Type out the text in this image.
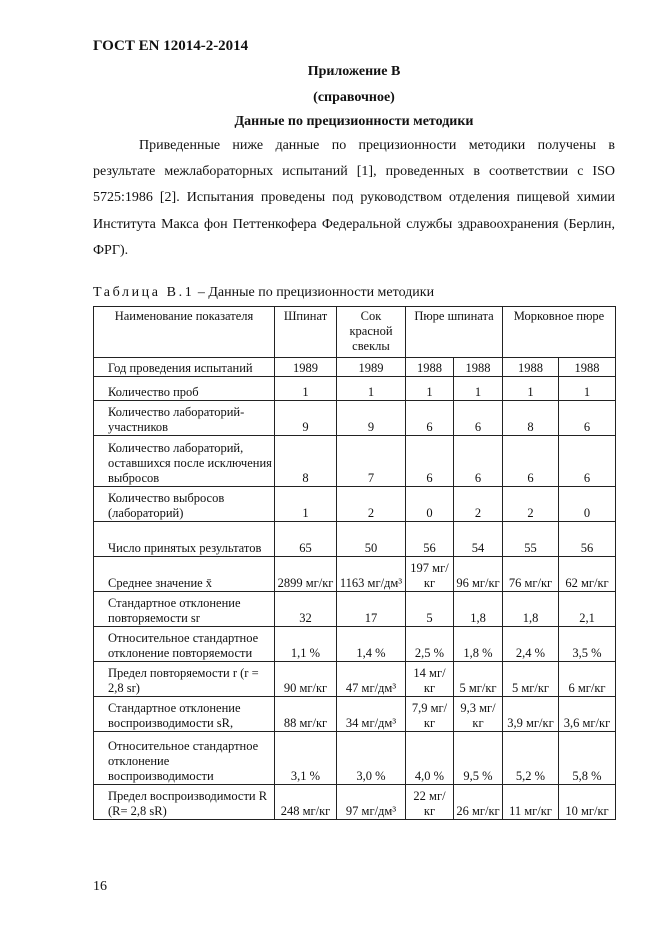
ГОСТ EN 12014-2-2014
Приложение В
(справочное)
Данные по прецизионности методики

Приведенные ниже данные по прецизионности методики получены в результате межлабораторных испытаний [1], проведенных в соответствии с ISO 5725:1986 [2]. Испытания проведены под руководством отделения пищевой химии Института Макса фон Петтенкофера Федеральной службы здравоохранения (Берлин, ФРГ).

Таблица В.1 – Данные по прецизионности методики
Наименование показателя	Шпинат	Сок красной свеклы	Пюре шпината		Морковное пюре	
Год проведения испытаний	1989	1989	1988	1988	1988	1988
Количество проб	1	1	1	1	1	1
Количество лабораторий-участников	9	9	6	6	8	6
Количество лабораторий, оставшихся после исключения выбросов	8	7	6	6	6	6
Количество выбросов (лабораторий)	1	2	0	2	2	0
Число принятых результатов	65	50	56	54	55	56
Среднее значение x̄	2899 мг/кг	1163 мг/дм³	197 мг/кг	96 мг/кг	76 мг/кг	62 мг/кг
Стандартное отклонение повторяемости sr	32	17	5	1,8	1,8	2,1
Относительное стандартное отклонение повторяемости	1,1 %	1,4 %	2,5 %	1,8 %	2,4 %	3,5 %
Предел повторяемости r (r = 2,8 sr)	90 мг/кг	47 мг/дм³	14 мг/кг	5 мг/кг	5 мг/кг	6 мг/кг
Стандартное отклонение воспроизводимости sR,	88 мг/кг	34 мг/дм³	7,9 мг/кг	9,3 мг/кг	3,9 мг/кг	3,6 мг/кг
Относительное стандартное отклонение воспроизводимости	3,1 %	3,0 %	4,0 %	9,5 %	5,2 %	5,8 %
Предел воспроизводимости R (R= 2,8 sR)	248 мг/кг	97 мг/дм³	22 мг/кг	26 мг/кг	11 мг/кг	10 мг/кг
16
